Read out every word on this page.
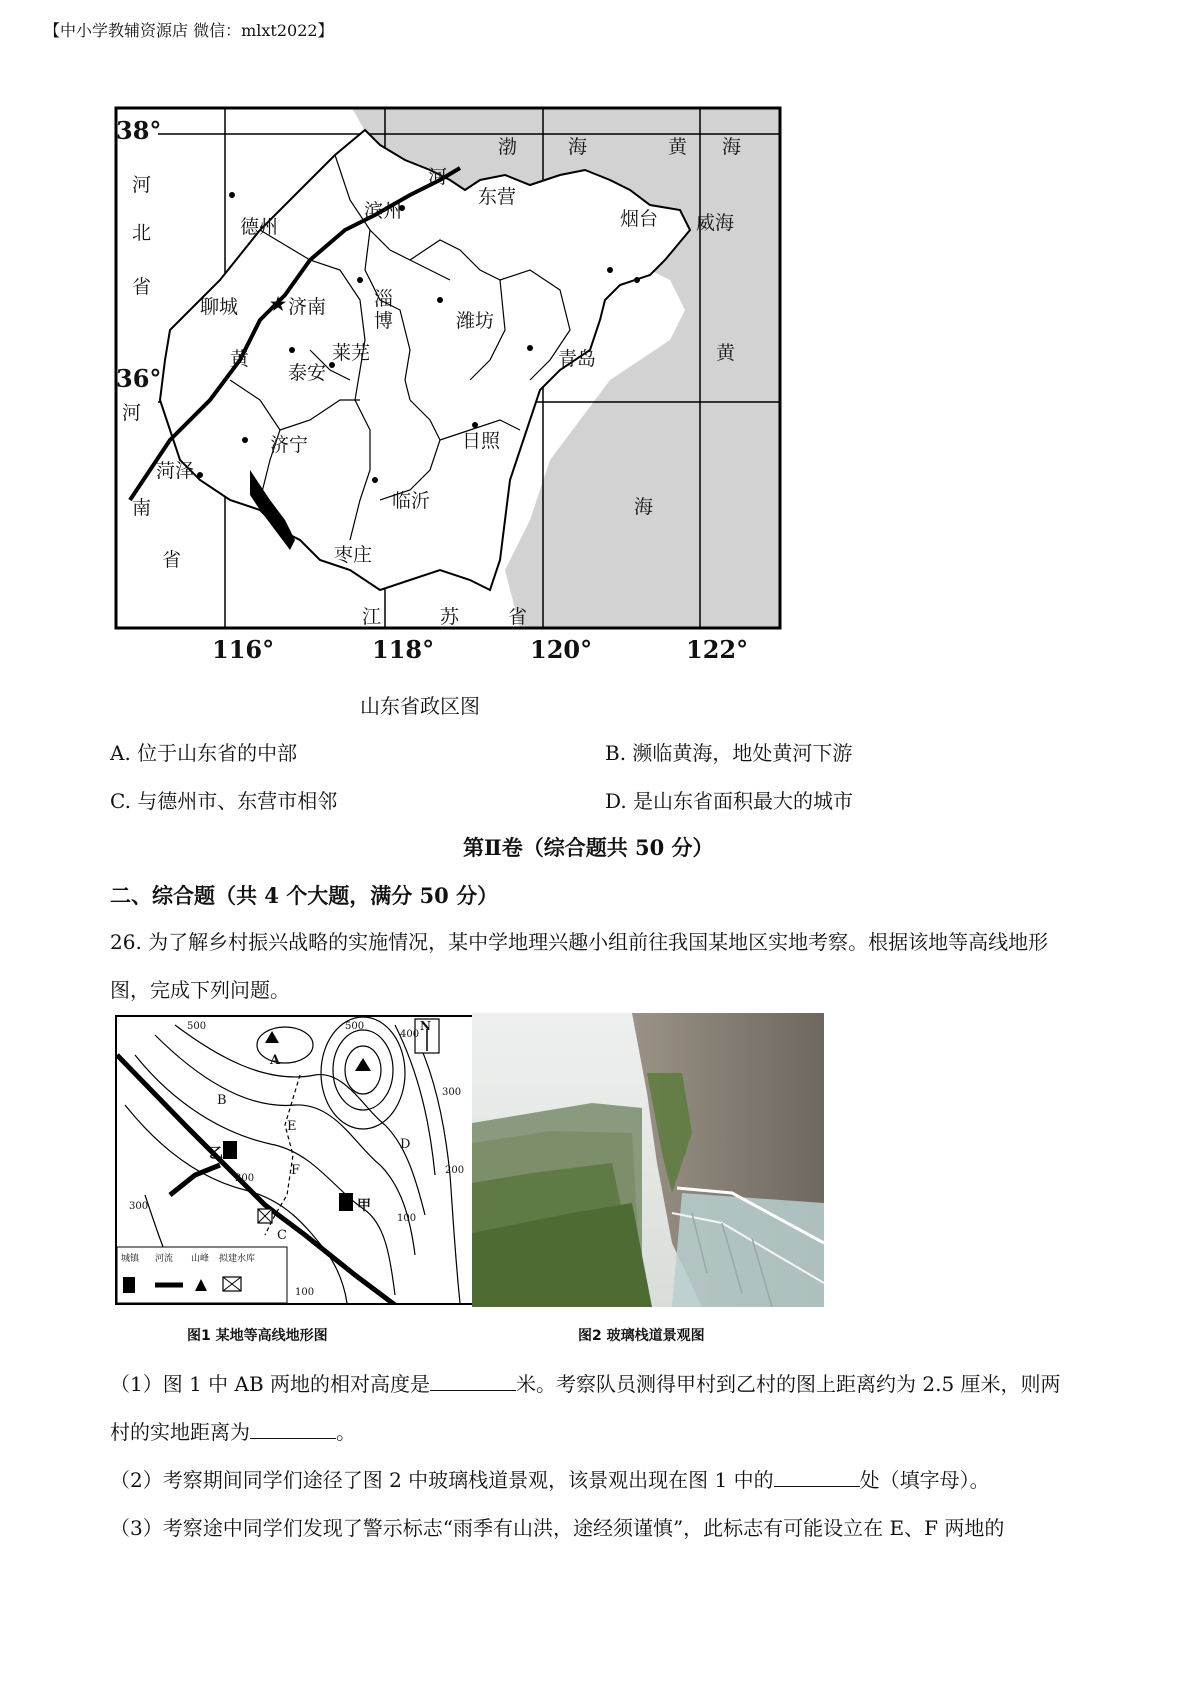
【中小学教辅资源店 微信：mlxt2022】
★
38°
36°
河
北
省
河
南
省
江	苏	省
渤	海	黄 海
黄
海
河
黄
德州
滨州
东营
烟台 威海
聊城	济南	淄博	潍坊
莱芜
泰安
青岛
济宁	日照
菏泽
临沂
枣庄
116°	118°	120°	122°
山东省政区图
A. 位于山东省的中部	B. 濒临黄海，地处黄河下游
C. 与德州市、东营市相邻	D. 是山东省面积最大的城市
第Ⅱ卷（综合题共 50 分）
二、综合题（共 4 个大题，满分 50 分）
26. 为了解乡村振兴战略的实施情况，某中学地理兴趣小组前往我国某地区实地考察。根据该地等高线地形
图，完成下列问题。
A
B
C
D
E
F
500	500
400
300
300
200
100
200
100
乙
甲
N
城镇 河流 山峰 拟建水库
图1 某地等高线地形图	图2 玻璃栈道景观图
（1）图 1 中 AB 两地的相对高度是	米。考察队员测得甲村到乙村的图上距离约为 2.5 厘米，则两
村的实地距离为	。
（2）考察期间同学们途径了图 2 中玻璃栈道景观，该景观出现在图 1 中的	处（填字母）。
（3）考察途中同学们发现了警示标志“雨季有山洪，途经须谨慎”，此标志有可能设立在 E、F 两地的
